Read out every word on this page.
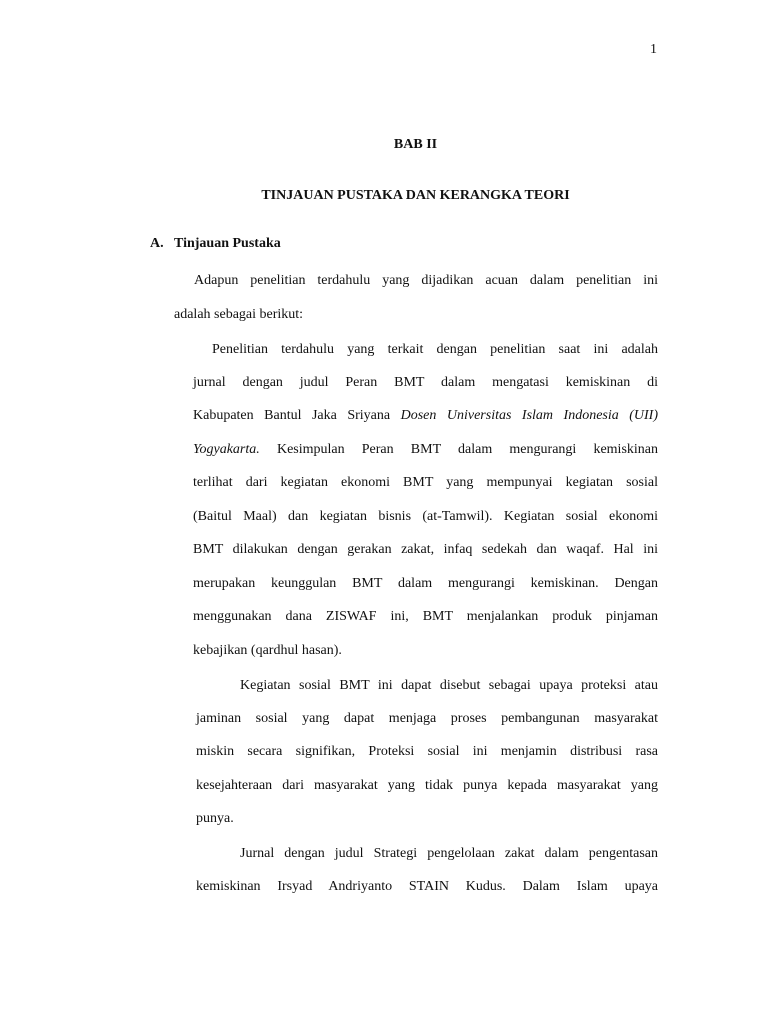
1
BAB II
TINJAUAN PUSTAKA DAN KERANGKA TEORI
A. Tinjauan Pustaka
Adapun penelitian terdahulu yang dijadikan acuan dalam penelitian ini
adalah sebagai berikut:
Penelitian terdahulu yang terkait dengan penelitian saat ini adalah
jurnal dengan judul Peran BMT dalam mengatasi kemiskinan di
Kabupaten Bantul Jaka Sriyana Dosen Universitas Islam Indonesia (UII)
Yogyakarta. Kesimpulan Peran BMT dalam mengurangi kemiskinan
terlihat dari kegiatan ekonomi BMT yang mempunyai kegiatan sosial
(Baitul Maal) dan kegiatan bisnis (at-Tamwil). Kegiatan sosial ekonomi
BMT dilakukan dengan gerakan zakat, infaq sedekah dan waqaf. Hal ini
merupakan keunggulan BMT dalam mengurangi kemiskinan. Dengan
menggunakan dana ZISWAF ini, BMT menjalankan produk pinjaman
kebajikan (qardhul hasan).
Kegiatan sosial BMT ini dapat disebut sebagai upaya proteksi atau
jaminan sosial yang dapat menjaga proses pembangunan masyarakat
miskin secara signifikan, Proteksi sosial ini menjamin distribusi rasa
kesejahteraan dari masyarakat yang tidak punya kepada masyarakat yang
punya.
Jurnal dengan judul Strategi pengelolaan zakat dalam pengentasan
kemiskinan Irsyad Andriyanto STAIN Kudus. Dalam Islam upaya
